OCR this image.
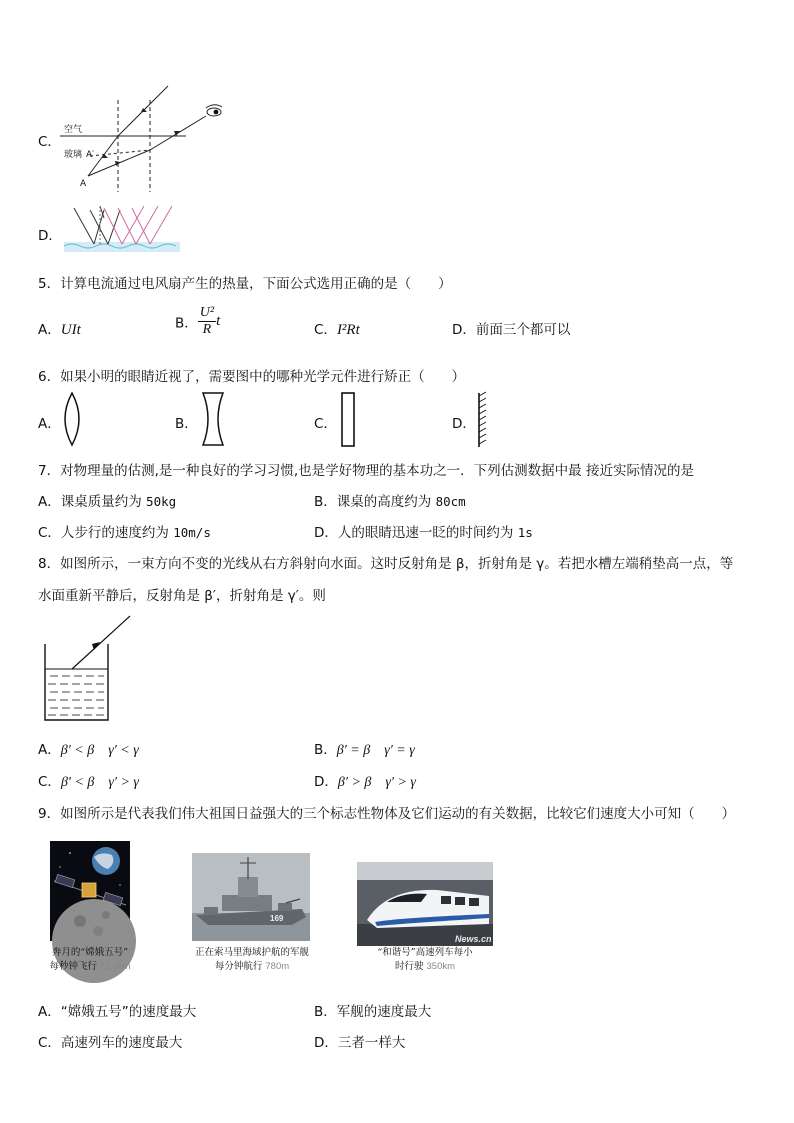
C．
空气
玻璃 A′
A
D．
5．计算电流通过电风扇产生的热量，下面公式选用正确的是（　　）
A．UIt	B． $\frac{\text{U²}}{R}$ t
C．I²Rt	D．前面三个都可以
6．如果小明的眼睛近视了，需要图中的哪种光学元件进行矫正（　　）
A．	B．	C．	D．
7．对物理量的估测,是一种良好的学习习惯,也是学好物理的基本功之一．下列估测数据中最 接近实际情况的是
A．课桌质量约为 50kg	B．课桌的高度约为 80cm
C．人步行的速度约为 10m/s	D．人的眼睛迅速一眨的时间约为 1s
8．如图所示，一束方向不变的光线从右方斜射向水面。这时反射角是 β，折射角是 γ。若把水槽左端稍垫高一点，等
水面重新平静后，反射角是 β′，折射角是 γ′。则
A．β′ < β　γ′ < γ	B．β′ = β　γ′ = γ
C．β′ < β　γ′ > γ	D．β′ > β　γ′ > γ
9．如图所示是代表我们伟大祖国日益强大的三个标志性物体及它们运动的有关数据，比较它们速度大小可知（　　）
奔月的“嫦娥五号”
每秒钟飞行 11.2km
169
正在索马里海域护航的军舰
每分钟航行 780m
News.cn
“和谐号”高速列车每小
时行驶 350km
A．“嫦娥五号”的速度最大	B．军舰的速度最大
C．高速列车的速度最大	D．三者一样大
